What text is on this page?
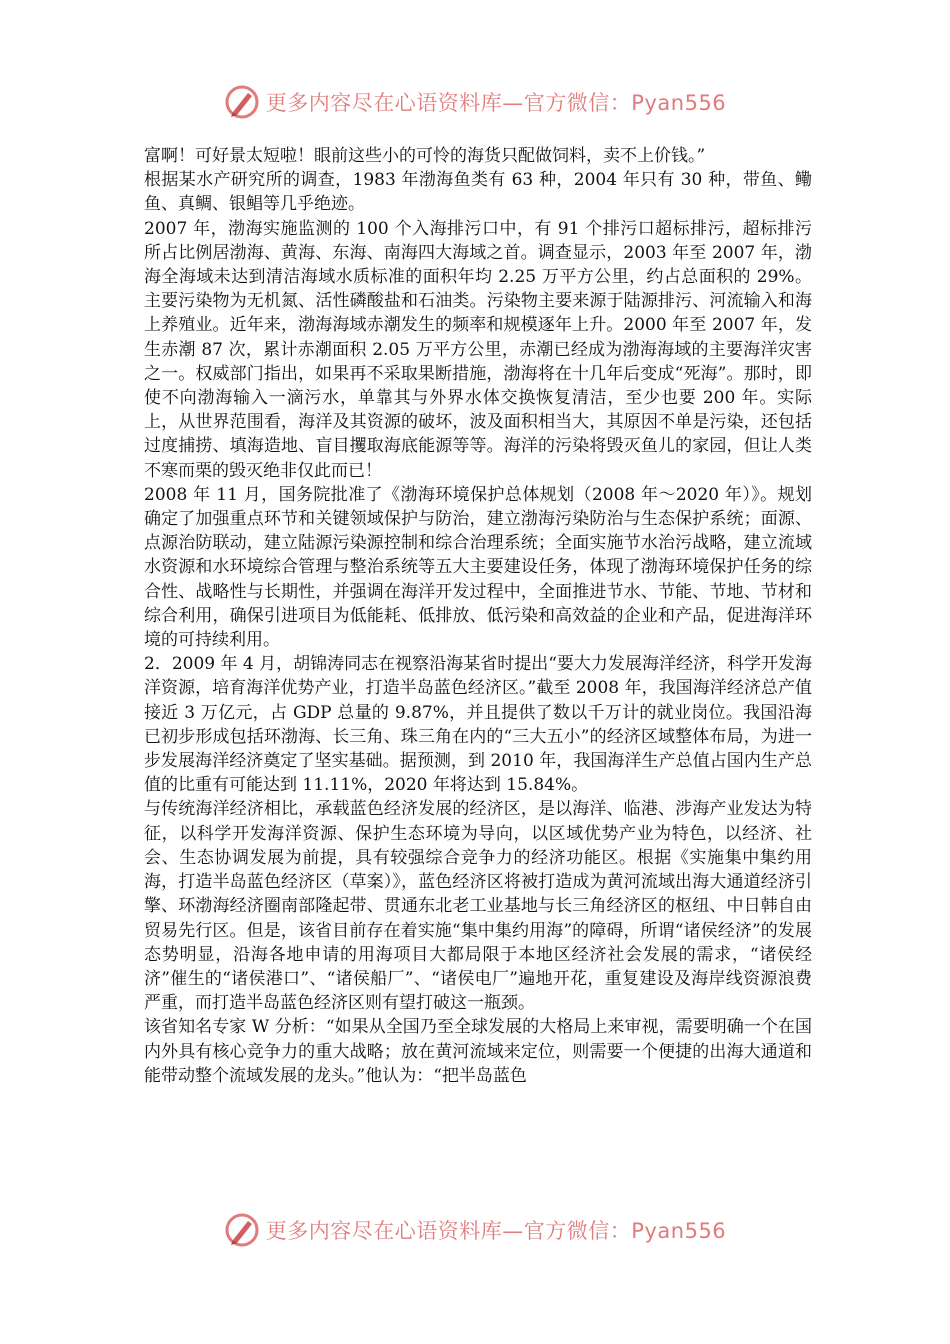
更多内容尽在心语资料库—官方微信：Pyan556

富啊！可好景太短啦！眼前这些小的可怜的海货只配做饲料，卖不上价钱。”

根据某水产研究所的调查，1983 年渤海鱼类有 63 种，2004 年只有 30 种，带鱼、鳓鱼、真鲷、银鲳等几乎绝迹。

2007 年，渤海实施监测的 100 个入海排污口中，有 91 个排污口超标排污，超标排污所占比例居渤海、黄海、东海、南海四大海域之首。调查显示，2003 年至 2007 年，渤海全海域未达到清洁海域水质标准的面积年均 2.25 万平方公里，约占总面积的 29%。主要污染物为无机氮、活性磷酸盐和石油类。污染物主要来源于陆源排污、河流输入和海上养殖业。近年来，渤海海域赤潮发生的频率和规模逐年上升。2000 年至 2007 年，发生赤潮 87 次，累计赤潮面积 2.05 万平方公里，赤潮已经成为渤海海域的主要海洋灾害之一。权威部门指出，如果再不采取果断措施，渤海将在十几年后变成“死海”。那时，即使不向渤海输入一滴污水，单靠其与外界水体交换恢复清洁，至少也要 200 年。实际上，从世界范围看，海洋及其资源的破坏，波及面积相当大，其原因不单是污染，还包括过度捕捞、填海造地、盲目攫取海底能源等等。海洋的污染将毁灭鱼儿的家园，但让人类不寒而栗的毁灭绝非仅此而已！

2008 年 11 月，国务院批准了《渤海环境保护总体规划（2008 年～2020 年）》。规划确定了加强重点环节和关键领域保护与防治，建立渤海污染防治与生态保护系统；面源、点源治防联动，建立陆源污染源控制和综合治理系统；全面实施节水治污战略，建立流域水资源和水环境综合管理与整治系统等五大主要建设任务，体现了渤海环境保护任务的综合性、战略性与长期性，并强调在海洋开发过程中，全面推进节水、节能、节地、节材和综合利用，确保引进项目为低能耗、低排放、低污染和高效益的企业和产品，促进海洋环境的可持续利用。

2．2009 年 4 月，胡锦涛同志在视察沿海某省时提出“要大力发展海洋经济，科学开发海洋资源，培育海洋优势产业，打造半岛蓝色经济区。”截至 2008 年，我国海洋经济总产值接近 3 万亿元，占 GDP 总量的 9.87%，并且提供了数以千万计的就业岗位。我国沿海已初步形成包括环渤海、长三角、珠三角在内的“三大五小”的经济区域整体布局，为进一步发展海洋经济奠定了坚实基础。据预测，到 2010 年，我国海洋生产总值占国内生产总值的比重有可能达到 11.11%，2020 年将达到 15.84%。

与传统海洋经济相比，承载蓝色经济发展的经济区，是以海洋、临港、涉海产业发达为特征，以科学开发海洋资源、保护生态环境为导向，以区域优势产业为特色，以经济、社会、生态协调发展为前提，具有较强综合竞争力的经济功能区。根据《实施集中集约用海，打造半岛蓝色经济区（草案）》，蓝色经济区将被打造成为黄河流域出海大通道经济引擎、环渤海经济圈南部隆起带、贯通东北老工业基地与长三角经济区的枢纽、中日韩自由贸易先行区。但是，该省目前存在着实施“集中集约用海”的障碍，所谓“诸侯经济”的发展态势明显，沿海各地申请的用海项目大都局限于本地区经济社会发展的需求，“诸侯经济”催生的“诸侯港口”、“诸侯船厂”、“诸侯电厂”遍地开花，重复建设及海岸线资源浪费严重，而打造半岛蓝色经济区则有望打破这一瓶颈。

该省知名专家 W 分析：“如果从全国乃至全球发展的大格局上来审视，需要明确一个在国内外具有核心竞争力的重大战略；放在黄河流域来定位，则需要一个便捷的出海大通道和能带动整个流域发展的龙头。”他认为：“把半岛蓝色

更多内容尽在心语资料库—官方微信：Pyan556
